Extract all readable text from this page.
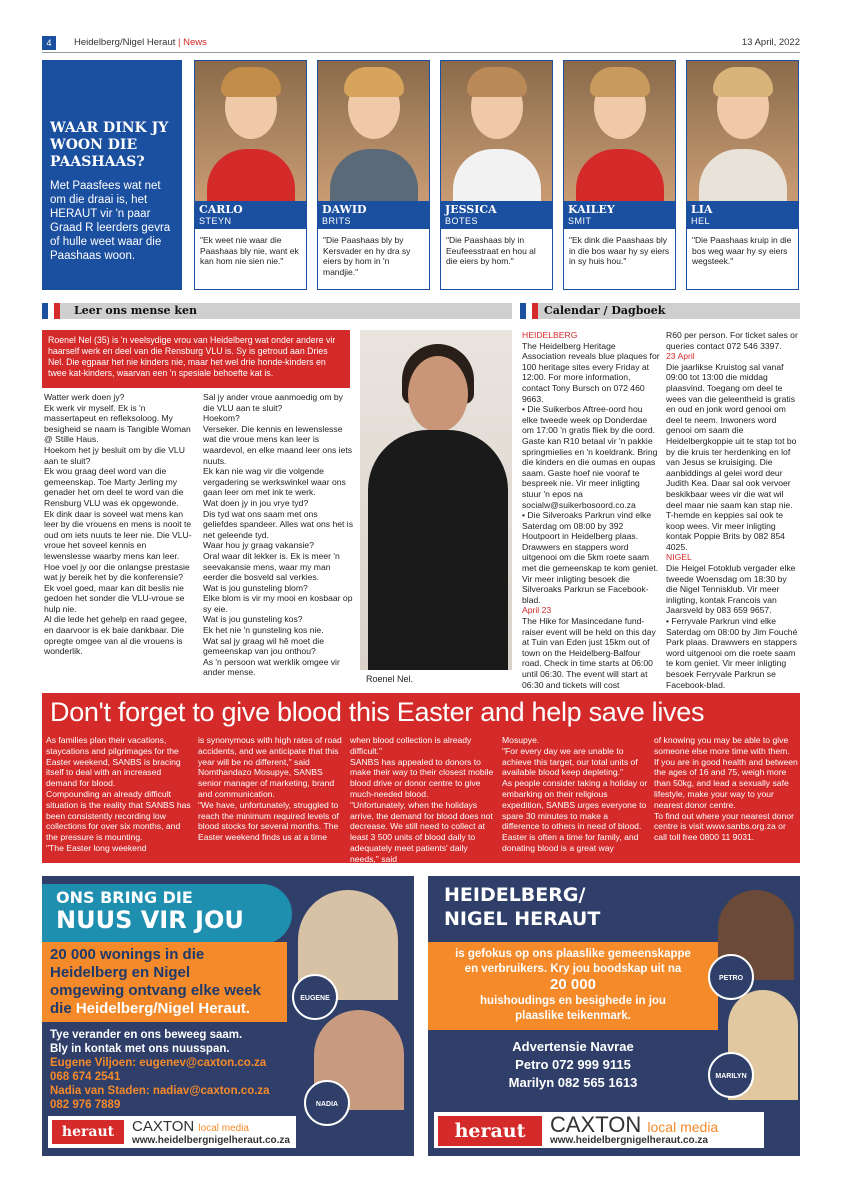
4	Heidelberg/Nigel Heraut | News	13 April, 2022
WAAR DINK JY WOON DIE PAASHAAS?
Met Paasfees wat net om die draai is, het HERAUT vir 'n paar Graad R leerders gevra of hulle weet waar die Paashaas woon.
CARLO
STEYN
"Ek weet nie waar die Paashaas bly nie, want ek kan hom nie sien nie."
DAWID
BRITS
"Die Paashaas bly by Kersvader en hy dra sy eiers by hom in 'n mandjie."
JESSICA
BOTES
"Die Paashaas bly in Eeufeesstraat en hou al die eiers by hom."
KAILEY
SMIT
"Ek dink die Paashaas bly in die bos waar hy sy eiers in sy huis hou."
LIA
HEL
"Die Paashaas kruip in die bos weg waar hy sy eiers wegsteek."
Leer ons mense ken	Calendar / Dagboek
Roenel Nel (35) is 'n veelsydige vrou van Heidelberg wat onder andere vir haarself werk en deel van die Rensburg VLU is. Sy is getroud aan Dries Nel. Die egpaar het nie kinders nie, maar het wel drie honde-kinders en twee kat-kinders, waarvan een 'n spesiale behoefte kat is.

Watter werk doen jy?

Ek werk vir myself. Ek is 'n massertapeut en refleksoloog. My besigheid se naam is Tangible Woman @ Stille Haus.

Hoekom het jy besluit om by die VLU aan te sluit?

Ek wou graag deel word van die gemeenskap. Toe Marty Jerling my genader het om deel te word van die Rensburg VLU was ek opgewonde.

Ek dink daar is soveel wat mens kan leer by die vrouens en mens is nooit te oud om iets nuuts te leer nie. Die VLU-vroue het soveel kennis en lewenslesse waarby mens kan leer.

Hoe voel jy oor die onlangse prestasie wat jy bereik het by die konferensie?

Ek voel goed, maar kan dit beslis nie gedoen het sonder die VLU-vroue se hulp nie.

Al die lede het gehelp en raad gegee, en daarvoor is ek baie dankbaar. Die opregte omgee van al die vrouens is wonderlik.

Sal jy ander vroue aanmoedig om by die VLU aan te sluit?

Hoekom?

Verseker. Die kennis en lewenslesse wat die vroue mens kan leer is waardevol, en elke maand leer ons iets nuuts.

Ek kan nie wag vir die volgende vergadering se werkswinkel waar ons gaan leer om met ink te werk.

Wat doen jy in jou vrye tyd?

Dis tyd wat ons saam met ons geliefdes spandeer. Alles wat ons het is net geleende tyd.

Waar hou jy graag vakansie?

Oral waar dit lekker is. Ek is meer 'n seevakansie mens, waar my man eerder die bosveld sal verkies.

Wat is jou gunsteling blom?

Elke blom is vir my mooi en kosbaar op sy eie.

Wat is jou gunsteling kos?

Ek het nie 'n gunsteling kos nie.

Wat sal jy graag wil hê moet die gemeenskap van jou onthou?

As 'n persoon wat werklik omgee vir ander mense.

Roenel Nel.

HEIDELBERG

The Heidelberg Heritage Association reveals blue plaques for 100 heritage sites every Friday at 12:00. For more information, contact Tony Bursch on 072 460 9663.

• Die Suikerbos Aftree-oord hou elke tweede week op Donderdae om 17:00 'n gratis fliek by die oord. Gaste kan R10 betaal vir 'n pakkie springmielies en 'n koeldrank. Bring die kinders en die oumas en oupas saam. Gaste hoef nie vooraf te bespreek nie. Vir meer inligting stuur 'n epos na socialw@suikerbosoord.co.za

• Die Silveroaks Parkrun vind elke Saterdag om 08:00 by 392 Houtpoort in Heidelberg plaas. Drawwers en stappers word uitgenooi om die 5km roete saam met die gemeenskap te kom geniet. Vir meer inligting besoek die Silveroaks Parkrun se Facebook-blad.

April 23

The Hike for Masincedane fund-raiser event will be held on this day at Tuin van Eden just 15km out of town on the Heidelberg-Balfour road. Check in time starts at 06:00 until 06:30. The event will start at 06:30 and tickets will cost

R60 per person. For ticket sales or queries contact 072 546 3397.

23 April

Die jaarlikse Kruistog sal vanaf 09:00 tot 13:00 die middag plaasvind. Toegang om deel te wees van die geleentheid is gratis en oud en jonk word genooi om deel te neem. Inwoners word genooi om saam die Heidelbergkoppie uit te stap tot bo by die kruis ter herdenking en lof van Jesus se kruisiging. Die aanbiddings al gelei word deur Judith Kea. Daar sal ook vervoer beskikbaar wees vir die wat wil deel maar nie saam kan stap nie. T-hemde en keppies sal ook te koop wees. Vir meer inligting kontak Poppie Brits by 082 854 4025.

NIGEL

Die Heigel Fotoklub vergader elke tweede Woensdag om 18:30 by die Nigel Tennisklub. Vir meer inligting, kontak Francois van Jaarsveld by 083 659 9657.

• Ferryvale Parkrun vind elke Saterdag om 08:00 by Jim Fouché Park plaas. Drawwers en stappers word uitgenooi om die roete saam te kom geniet. Vir meer inligting besoek Ferryvale Parkrun se Facebook-blad.

Don't forget to give blood this Easter and help save lives
As families plan their vacations, staycations and pilgrimages for the Easter weekend, SANBS is bracing itself to deal with an increased demand for blood.
Compounding an already difficult situation is the reality that SANBS has been consistently recording low collections for over six months, and the pressure is mounting.
"The Easter long weekend
is synonymous with high rates of road accidents, and we anticipate that this year will be no different," said Nomthandazo Mosupye, SANBS senior manager of marketing, brand and communication.
"We have, unfortunately, struggled to reach the minimum required levels of blood stocks for several months. The Easter weekend finds us at a time
when blood collection is already difficult."
SANBS has appealed to donors to make their way to their closest mobile blood drive or donor centre to give much-needed blood.
"Unfortunately, when the holidays arrive, the demand for blood does not decrease. We still need to collect at least 3 500 units of blood daily to adequately meet patients' daily needs," said
Mosupye.
"For every day we are unable to achieve this target, our total units of available blood keep depleting."
As people consider taking a holiday or embarking on their religious expedition, SANBS urges everyone to spare 30 minutes to make a difference to others in need of blood.
Easter is often a time for family, and donating blood is a great way
of knowing you may be able to give someone else more time with them.
If you are in good health and between the ages of 16 and 75, weigh more than 50kg, and lead a sexually safe lifestyle, make your way to your nearest donor centre.
To find out where your nearest donor centre is visit www.sanbs.org.za or call toll free 0800 11 9031.
ONS BRING DIE
NUUS VIR JOU
20 000 wonings in die
Heidelberg en Nigel
omgewing ontvang elke week
die Heidelberg/Nigel Heraut.
Tye verander en ons beweeg saam.
Bly in kontak met ons nuusspan.
Eugene Viljoen: eugenev@caxton.co.za
068 674 2541
Nadia van Staden: nadiav@caxton.co.za
082 976 7889
EUGENE
NADIA
heraut	CAXTON local media
www.heidelbergnigelheraut.co.za
HEIDELBERG/
NIGEL HERAUT
is gefokus op ons plaaslike gemeenskappe
en verbruikers. Kry jou boodskap uit na
20 000
huishoudings en besighede in jou
plaaslike teikenmark.
Advertensie Navrae
Petro 072 999 9115
Marilyn 082 565 1613
PETRO
MARILYN
heraut	CAXTON local media
www.heidelbergnigelheraut.co.za
